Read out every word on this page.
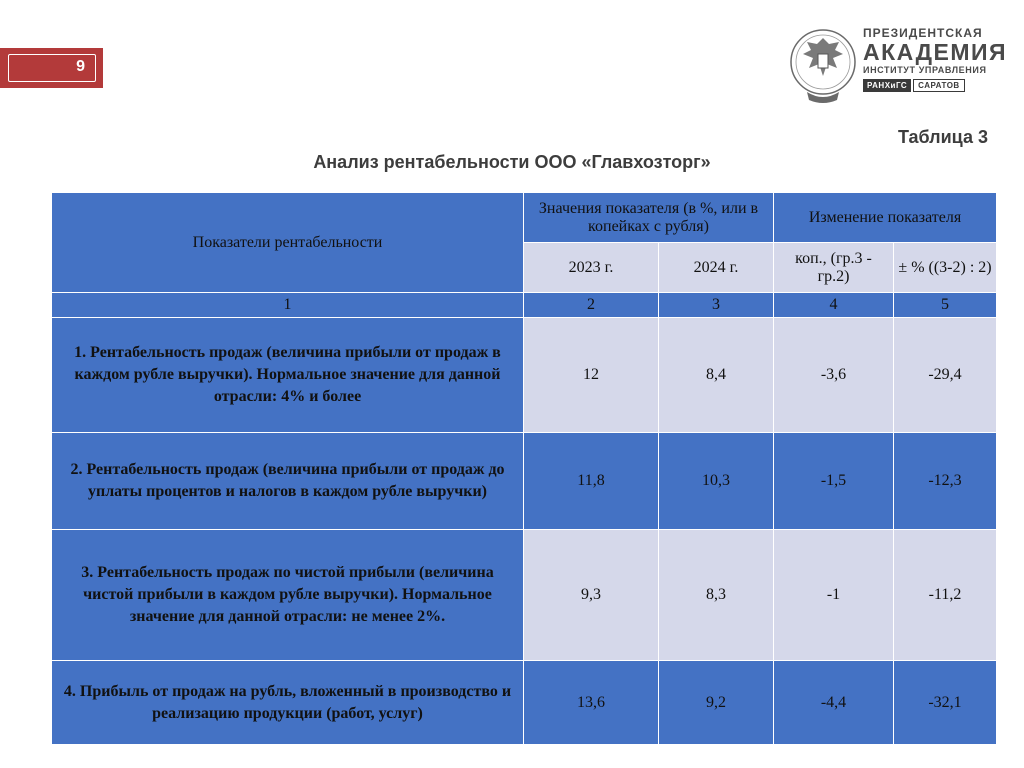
9
ПРЕЗИДЕНТСКАЯ
АКАДЕМИЯ
ИНСТИТУТ УПРАВЛЕНИЯ
РАНХиГС	САРАТОВ
Таблица 3
Анализ рентабельности ООО «Главхозторг»
Показатели рентабельности	Значения показателя (в %, или в копейках с рубля)		Изменение показателя	
	2023 г.	2024 г.	коп., (гр.3 - гр.2)	± % ((3-2) : 2)
1	2	3	4	5
1. Рентабельность продаж (величина прибыли от продаж в каждом рубле выручки). Нормальное значение для данной отрасли: 4% и более	12	8,4	-3,6	-29,4
2. Рентабельность продаж (величина прибыли от продаж до уплаты процентов и налогов в каждом рубле выручки)	11,8	10,3	-1,5	-12,3
3. Рентабельность продаж по чистой прибыли (величина чистой прибыли в каждом рубле выручки). Нормальное значение для данной отрасли: не менее 2%.	9,3	8,3	-1	-11,2
4. Прибыль от продаж на рубль, вложенный в производство и реализацию продукции (работ, услуг)	13,6	9,2	-4,4	-32,1
